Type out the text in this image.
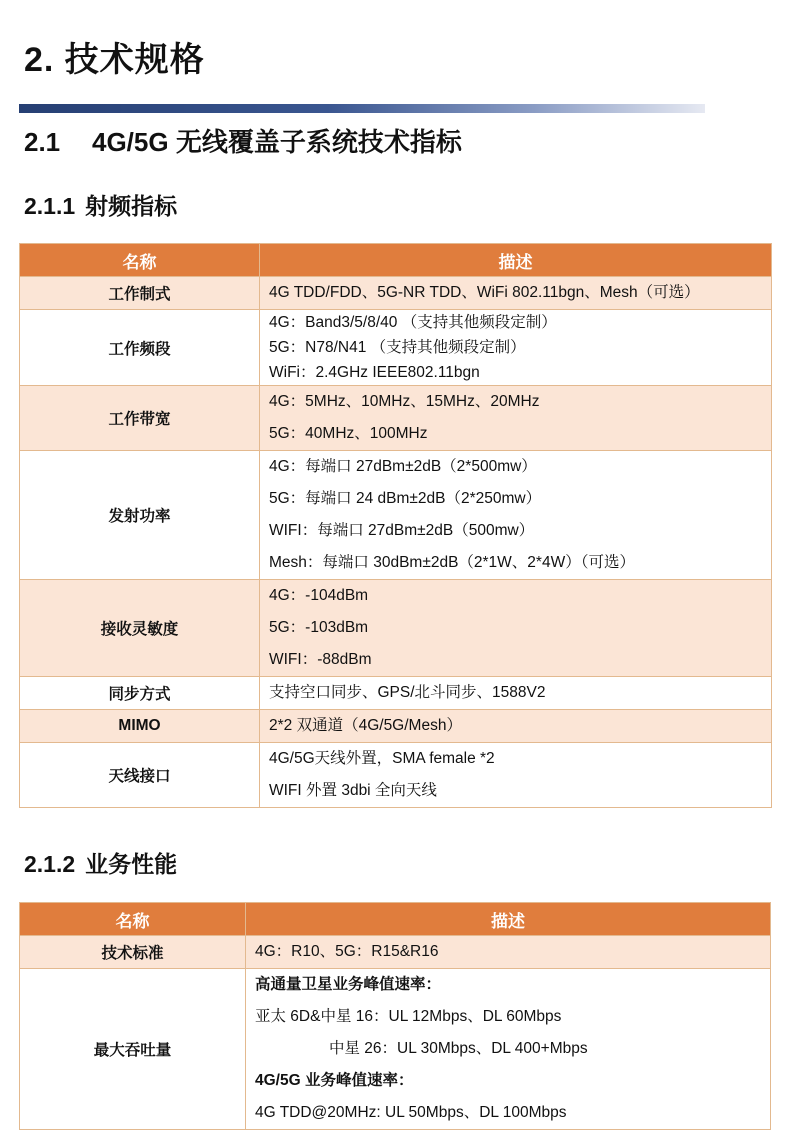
2. 技术规格
2.1 4G/5G 无线覆盖子系统技术指标
2.1.1 射频指标
名称	描述
工作制式	4G TDD/FDD、5G-NR TDD、WiFi 802.11bgn、Mesh（可选）

工作频段	4G：Band3/5/8/40 （支持其他频段定制）
5G：N78/N41 （支持其他频段定制）
WiFi：2.4GHz IEEE802.11bgn

工作带宽	4G：5MHz、10MHz、15MHz、20MHz
5G：40MHz、100MHz

发射功率	4G：每端口 27dBm±2dB（2*500mw）
5G：每端口 24 dBm±2dB（2*250mw）
WIFI：每端口 27dBm±2dB（500mw）
Mesh：每端口 30dBm±2dB（2*1W、2*4W）（可选）

接收灵敏度	4G：-104dBm
5G：-103dBm
WIFI：-88dBm

同步方式	支持空口同步、GPS/北斗同步、1588V2

MIMO	2*2 双通道（4G/5G/Mesh）

天线接口	4G/5G天线外置，SMA female *2
WIFI 外置 3dbi 全向天线
2.1.2 业务性能
名称	描述
技术标准	4G：R10、5G：R15&R16

最大吞吐量	高通量卫星业务峰值速率：
亚太 6D&中星 16：UL 12Mbps、DL 60Mbps
中星 26：UL 30Mbps、DL 400+Mbps
4G/5G 业务峰值速率：
4G TDD@20MHz: UL 50Mbps、DL 100Mbps
